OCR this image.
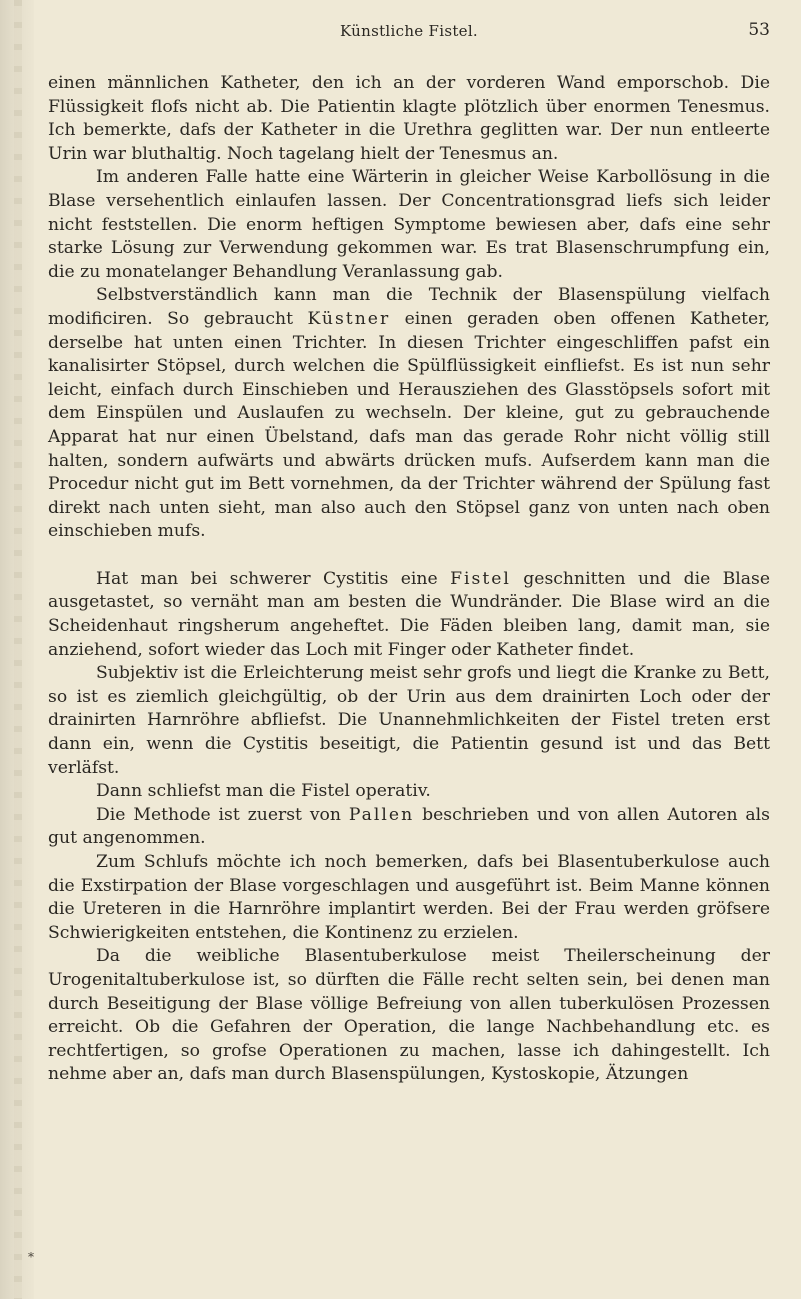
Künstliche Fistel.	53

einen männlichen Katheter, den ich an der vorderen Wand emporschob. Die Flüssigkeit flofs nicht ab. Die Patientin klagte plötzlich über enormen Tenesmus. Ich bemerkte, dafs der Katheter in die Urethra geglitten war. Der nun entleerte Urin war bluthaltig. Noch tagelang hielt der Tenesmus an.

Im anderen Falle hatte eine Wärterin in gleicher Weise Karbollösung in die Blase versehentlich einlaufen lassen. Der Concentrationsgrad liefs sich leider nicht feststellen. Die enorm heftigen Symptome bewiesen aber, dafs eine sehr starke Lösung zur Verwendung gekommen war. Es trat Blasenschrumpfung ein, die zu monatelanger Behandlung Veranlassung gab.

Selbstverständlich kann man die Technik der Blasenspülung vielfach modificiren. So gebraucht Küstner einen geraden oben offenen Katheter, derselbe hat unten einen Trichter. In diesen Trichter eingeschliffen pafst ein kanalisirter Stöpsel, durch welchen die Spülflüssigkeit einfliefst. Es ist nun sehr leicht, einfach durch Einschieben und Herausziehen des Glasstöpsels sofort mit dem Einspülen und Auslaufen zu wechseln. Der kleine, gut zu gebrauchende Apparat hat nur einen Übelstand, dafs man das gerade Rohr nicht völlig still halten, sondern aufwärts und abwärts drücken mufs. Aufserdem kann man die Procedur nicht gut im Bett vornehmen, da der Trichter während der Spülung fast direkt nach unten sieht, man also auch den Stöpsel ganz von unten nach oben einschieben mufs.

Hat man bei schwerer Cystitis eine Fistel geschnitten und die Blase ausgetastet, so vernäht man am besten die Wundränder. Die Blase wird an die Scheidenhaut ringsherum angeheftet. Die Fäden bleiben lang, damit man, sie anziehend, sofort wieder das Loch mit Finger oder Katheter findet.

Subjektiv ist die Erleichterung meist sehr grofs und liegt die Kranke zu Bett, so ist es ziemlich gleichgültig, ob der Urin aus dem drainirten Loch oder der drainirten Harnröhre abfliefst. Die Unannehmlichkeiten der Fistel treten erst dann ein, wenn die Cystitis beseitigt, die Patientin gesund ist und das Bett verläfst.

Dann schliefst man die Fistel operativ.

Die Methode ist zuerst von Pallen beschrieben und von allen Autoren als gut angenommen.

Zum Schlufs möchte ich noch bemerken, dafs bei Blasentuberkulose auch die Exstirpation der Blase vorgeschlagen und ausgeführt ist. Beim Manne können die Ureteren in die Harnröhre implantirt werden. Bei der Frau werden gröfsere Schwierigkeiten entstehen, die Kontinenz zu erzielen.

Da die weibliche Blasentuberkulose meist Theilerscheinung der Urogenitaltuberkulose ist, so dürften die Fälle recht selten sein, bei denen man durch Beseitigung der Blase völlige Befreiung von allen tuberkulösen Prozessen erreicht. Ob die Gefahren der Operation, die lange Nachbehandlung etc. es rechtfertigen, so grofse Operationen zu machen, lasse ich dahingestellt. Ich nehme aber an, dafs man durch Blasenspülungen, Kystoskopie, Ätzungen

*
